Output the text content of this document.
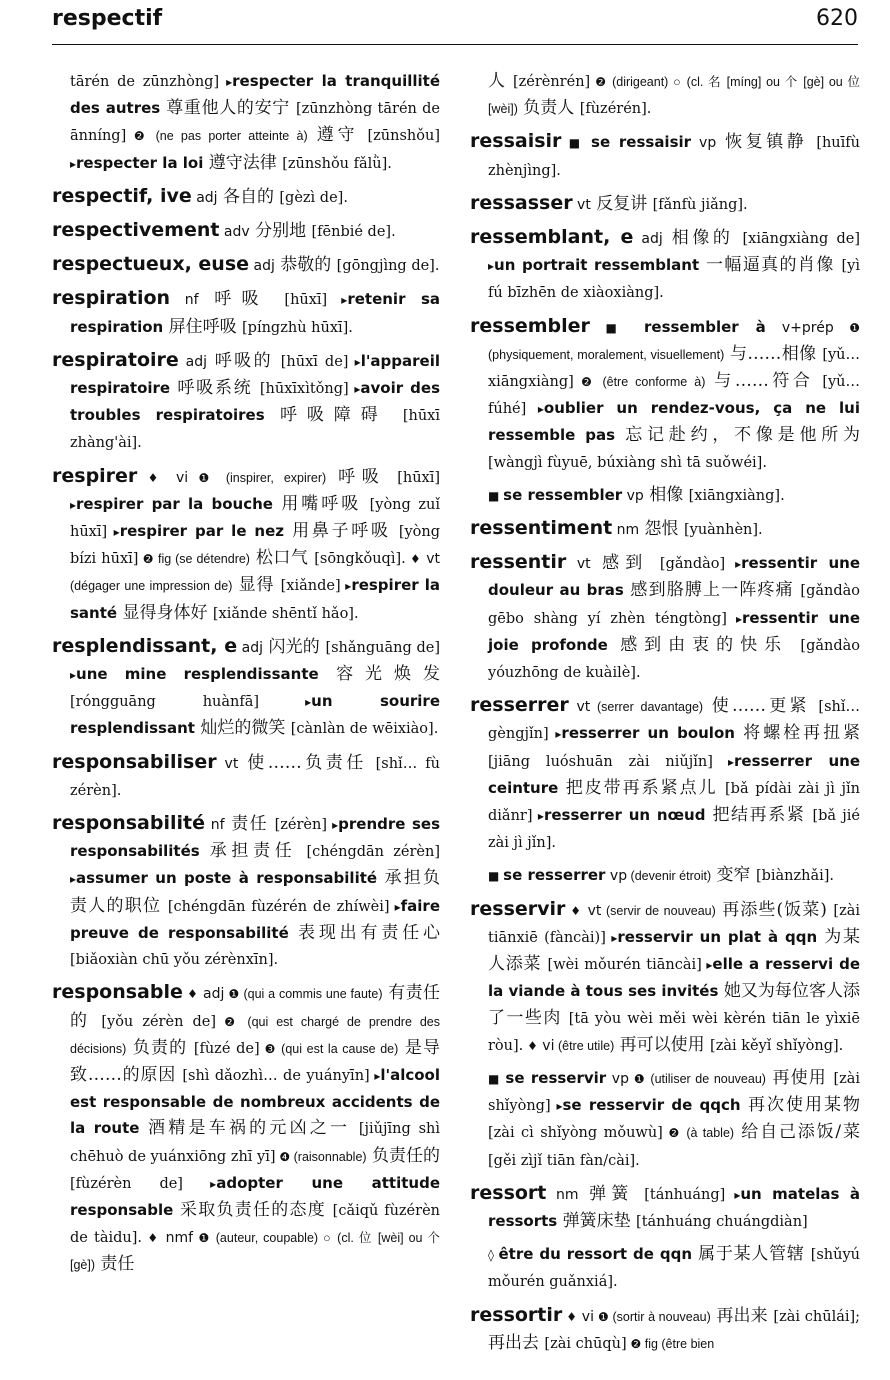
respectif	620

tārén de zūnzhòng] ▸respecter la tranquillité des autres 尊重他人的安宁 [zūnzhòng tārén de ānníng] ❷ (ne pas porter atteinte à) 遵守 [zūnshǒu] ▸respecter la loi 遵守法律 [zūnshǒu fǎlǜ].

respectif, ive adj 各自的 [gèzì de].

respectivement adv 分别地 [fēnbié de].

respectueux, euse adj 恭敬的 [gōngjìng de].

respiration nf 呼吸 [hūxī] ▸retenir sa respiration 屏住呼吸 [píngzhù hūxī].

respiratoire adj 呼吸的 [hūxī de] ▸l'appareil respiratoire 呼吸系统 [hūxīxìtǒng] ▸avoir des troubles respiratoires 呼吸障碍 [hūxī zhàng'ài].

respirer ♦ vi ❶ (inspirer, expirer) 呼吸 [hūxī] ▸respirer par la bouche 用嘴呼吸 [yòng zuǐ hūxī] ▸respirer par le nez 用鼻子呼吸 [yòng bízi hūxī] ❷ fig (se détendre) 松口气 [sōngkǒuqì]. ♦ vt (dégager une impression de) 显得 [xiǎnde] ▸respirer la santé 显得身体好 [xiǎnde shēntǐ hǎo].

resplendissant, e adj 闪光的 [shǎnguāng de] ▸une mine resplendissante 容光焕发 [róngguāng huànfā] ▸un sourire resplendissant 灿烂的微笑 [cànlàn de wēixiào].

responsabiliser vt 使……负责任 [shǐ… fù zérèn].

responsabilité nf 责任 [zérèn] ▸prendre ses responsabilités 承担责任 [chéngdān zérèn] ▸assumer un poste à responsabilité 承担负责人的职位 [chéngdān fùzérén de zhíwèi] ▸faire preuve de responsabilité 表现出有责任心 [biǎoxiàn chū yǒu zérènxīn].

responsable ♦ adj ❶ (qui a commis une faute) 有责任的 [yǒu zérèn de] ❷ (qui est chargé de prendre des décisions) 负责的 [fùzé de] ❸ (qui est la cause de) 是导致……的原因 [shì dǎozhì… de yuányīn] ▸l'alcool est responsable de nombreux accidents de la route 酒精是车祸的元凶之一 [jiǔjīng shì chēhuò de yuánxiōng zhī yī] ❹ (raisonnable) 负责任的 [fùzérèn de] ▸adopter une attitude responsable 采取负责任的态度 [cǎiqǔ fùzérèn de tàidu]. ♦ nmf ❶ (auteur, coupable) ○ (cl. 位 [wèi] ou 个 [gè]) 责任

人 [zérènrén] ❷ (dirigeant) ○ (cl. 名 [míng] ou 个 [gè] ou 位 [wèi]) 负责人 [fùzérén].

ressaisir ■ se ressaisir vp 恢复镇静 [huīfù zhènjìng].

ressasser vt 反复讲 [fǎnfù jiǎng].

ressemblant, e adj 相像的 [xiāngxiàng de] ▸un portrait ressemblant 一幅逼真的肖像 [yì fú bīzhēn de xiàoxiàng].

ressembler ■ ressembler à v+prép ❶ (physiquement, moralement, visuellement) 与……相像 [yǔ… xiāngxiàng] ❷ (être conforme à) 与……符合 [yǔ… fúhé] ▸oublier un rendez-vous, ça ne lui ressemble pas 忘记赴约，不像是他所为 [wàngjì fùyuē, búxiàng shì tā suǒwéi].

■ se ressembler vp 相像 [xiāngxiàng].

ressentiment nm 怨恨 [yuànhèn].

ressentir vt 感到 [gǎndào] ▸ressentir une douleur au bras 感到胳膊上一阵疼痛 [gǎndào gēbo shàng yí zhèn téngtòng] ▸ressentir une joie profonde 感到由衷的快乐 [gǎndào yóuzhōng de kuàilè].

resserrer vt (serrer davantage) 使……更紧 [shǐ… gèngjǐn] ▸resserrer un boulon 将螺栓再扭紧 [jiāng luóshuān zài niǔjǐn] ▸resserrer une ceinture 把皮带再系紧点儿 [bǎ pídài zài jì jǐn diǎnr] ▸resserrer un nœud 把结再系紧 [bǎ jié zài jì jǐn].

■ se resserrer vp (devenir étroit) 变窄 [biànzhǎi].

resservir ♦ vt (servir de nouveau) 再添些(饭菜) [zài tiānxiē (fàncài)] ▸resservir un plat à qqn 为某人添菜 [wèi mǒurén tiāncài] ▸elle a resservi de la viande à tous ses invités 她又为每位客人添了一些肉 [tā yòu wèi měi wèi kèrén tiān le yìxiē ròu]. ♦ vi (être utile) 再可以使用 [zài kěyǐ shǐyòng].

■ se resservir vp ❶ (utiliser de nouveau) 再使用 [zài shǐyòng] ▸se resservir de qqch 再次使用某物 [zài cì shǐyòng mǒuwù] ❷ (à table) 给自己添饭/菜 [gěi zìjǐ tiān fàn/cài].

ressort nm 弹簧 [tánhuáng] ▸un matelas à ressorts 弹簧床垫 [tánhuáng chuángdiàn]

◊ être du ressort de qqn 属于某人管辖 [shǔyú mǒurén guǎnxiá].

ressortir ♦ vi ❶ (sortir à nouveau) 再出来 [zài chūlái]; 再出去 [zài chūqù] ❷ fig (être bien
